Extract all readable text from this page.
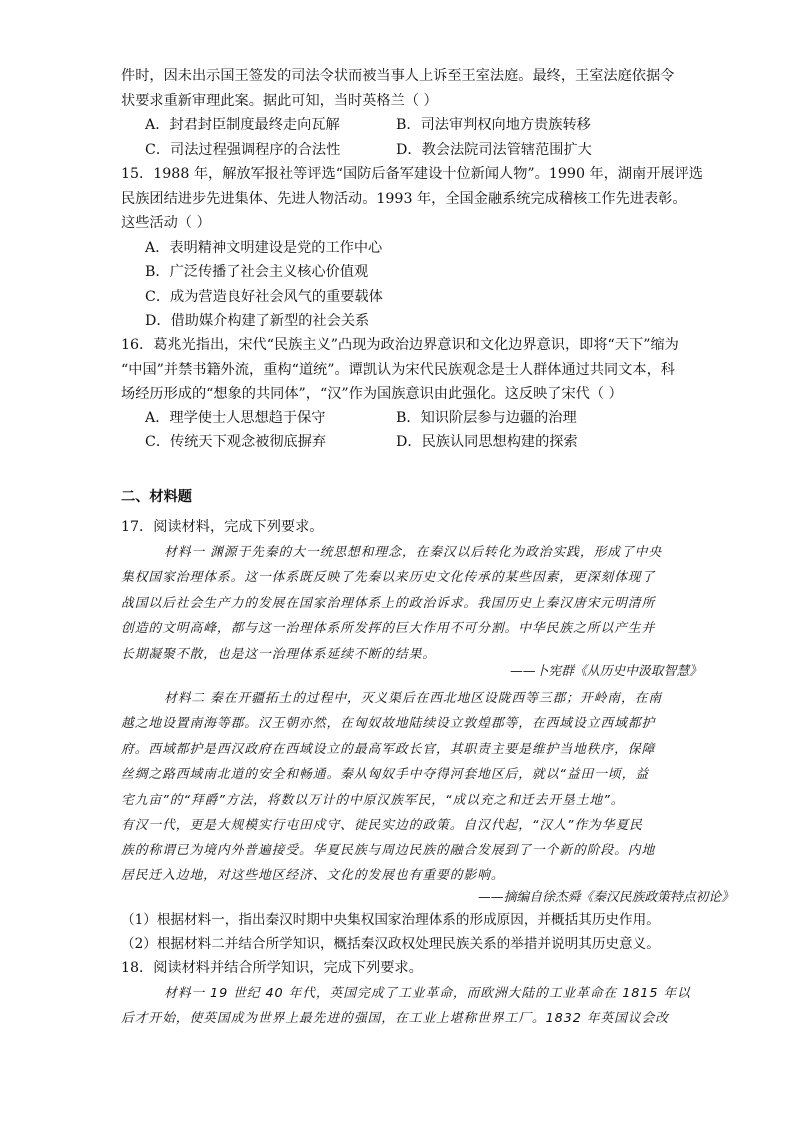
件时，因未出示国王签发的司法令状而被当事人上诉至王室法庭。最终，王室法庭依据令
状要求重新审理此案。据此可知，当时英格兰（ ）
A．封君封臣制度最终走向瓦解	B．司法审判权向地方贵族转移
C．司法过程强调程序的合法性	D．教会法院司法管辖范围扩大
15．1988 年，解放军报社等评选“国防后备军建设十位新闻人物”。1990 年，湖南开展评选
民族团结进步先进集体、先进人物活动。1993 年，全国金融系统完成稽核工作先进表彰。
这些活动（ ）
A．表明精神文明建设是党的工作中心
B．广泛传播了社会主义核心价值观
C．成为营造良好社会风气的重要载体
D．借助媒介构建了新型的社会关系
16．葛兆光指出，宋代“民族主义”凸现为政治边界意识和文化边界意识，即将“天下”缩为
“中国”并禁书籍外流，重构“道统”。谭凯认为宋代民族观念是士人群体通过共同文本，科
场经历形成的“想象的共同体”，“汉”作为国族意识由此强化。这反映了宋代（ ）
A．理学使士人思想趋于保守	B．知识阶层参与边疆的治理
C．传统天下观念被彻底摒弃	D．民族认同思想构建的探索
二、材料题
17．阅读材料，完成下列要求。
材料一 渊源于先秦的大一统思想和理念，在秦汉以后转化为政治实践，形成了中央
集权国家治理体系。这一体系既反映了先秦以来历史文化传承的某些因素，更深刻体现了
战国以后社会生产力的发展在国家治理体系上的政治诉求。我国历史上秦汉唐宋元明清所
创造的文明高峰，都与这一治理体系所发挥的巨大作用不可分割。中华民族之所以产生并
长期凝聚不散，也是这一治理体系延续不断的结果。
——卜宪群《从历史中汲取智慧》
材料二 秦在开疆拓土的过程中，灭义渠后在西北地区设陇西等三郡；开岭南，在南
越之地设置南海等郡。汉王朝亦然，在匈奴故地陆续设立敦煌郡等，在西域设立西域都护
府。西域都护是西汉政府在西域设立的最高军政长官，其职责主要是维护当地秩序，保障
丝绸之路西域南北道的安全和畅通。秦从匈奴手中夺得河套地区后，就以“益田一顷，益
宅九亩”的“拜爵”方法，将数以万计的中原汉族军民，“成以充之和迁去开垦土地”。
有汉一代，更是大规模实行屯田戍守、徙民实边的政策。自汉代起，“汉人”作为华夏民
族的称谓已为境内外普遍接受。华夏民族与周边民族的融合发展到了一个新的阶段。内地
居民迁入边地，对这些地区经济、文化的发展也有重要的影响。
——摘编自徐杰舜《秦汉民族政策特点初论》
（1）根据材料一，指出秦汉时期中央集权国家治理体系的形成原因，并概括其历史作用。
（2）根据材料二并结合所学知识，概括秦汉政权处理民族关系的举措并说明其历史意义。
18．阅读材料并结合所学知识，完成下列要求。
材料一 19 世纪 40 年代，英国完成了工业革命，而欧洲大陆的工业革命在 1815 年以
后才开始，使英国成为世界上最先进的强国，在工业上堪称世界工厂。1832 年英国议会改
